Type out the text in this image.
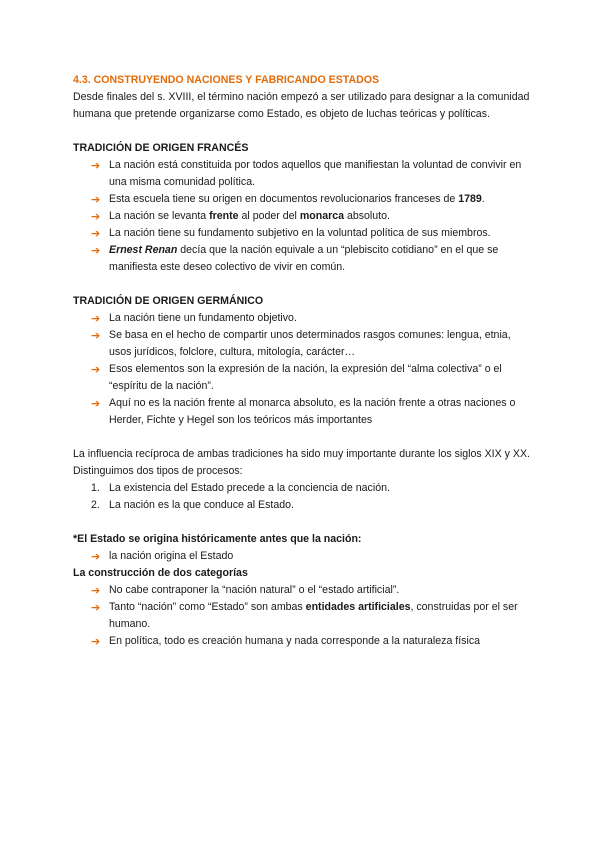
4.3. CONSTRUYENDO NACIONES Y FABRICANDO ESTADOS

Desde finales del s. XVIII, el término nación empezó a ser utilizado para designar a la comunidad humana que pretende organizarse como Estado, es objeto de luchas teóricas y políticas.

TRADICIÓN DE ORIGEN FRANCÉS

➔ La nación está constituida por todos aquellos que manifiestan la voluntad de convivir en una misma comunidad política.
➔ Esta escuela tiene su origen en documentos revolucionarios franceses de 1789.
➔ La nación se levanta frente al poder del monarca absoluto.
➔ La nación tiene su fundamento subjetivo en la voluntad política de sus miembros.
➔ Ernest Renan decía que la nación equivale a un “plebiscito cotidiano” en el que se manifiesta este deseo colectivo de vivir en común.

TRADICIÓN DE ORIGEN GERMÁNICO

➔ La nación tiene un fundamento objetivo.
➔ Se basa en el hecho de compartir unos determinados rasgos comunes: lengua, etnia, usos jurídicos, folclore, cultura, mitología, carácter…
➔ Esos elementos son la expresión de la nación, la expresión del “alma colectiva” o el “espíritu de la nación”.
➔ Aquí no es la nación frente al monarca absoluto, es la nación frente a otras naciones o Herder, Fichte y Hegel son los teóricos más importantes

La influencia recíproca de ambas tradiciones ha sido muy importante durante los siglos XIX y XX.

Distinguimos dos tipos de procesos:

1. La existencia del Estado precede a la conciencia de nación.
2. La nación es la que conduce al Estado.

*El Estado se origina históricamente antes que la nación:

➔ la nación origina el Estado

La construcción de dos categorías

➔ No cabe contraponer la “nación natural” o el “estado artificial”.
➔ Tanto “nación” como “Estado” son ambas entidades artificiales, construidas por el ser humano.
➔ En política, todo es creación humana y nada corresponde a la naturaleza física
